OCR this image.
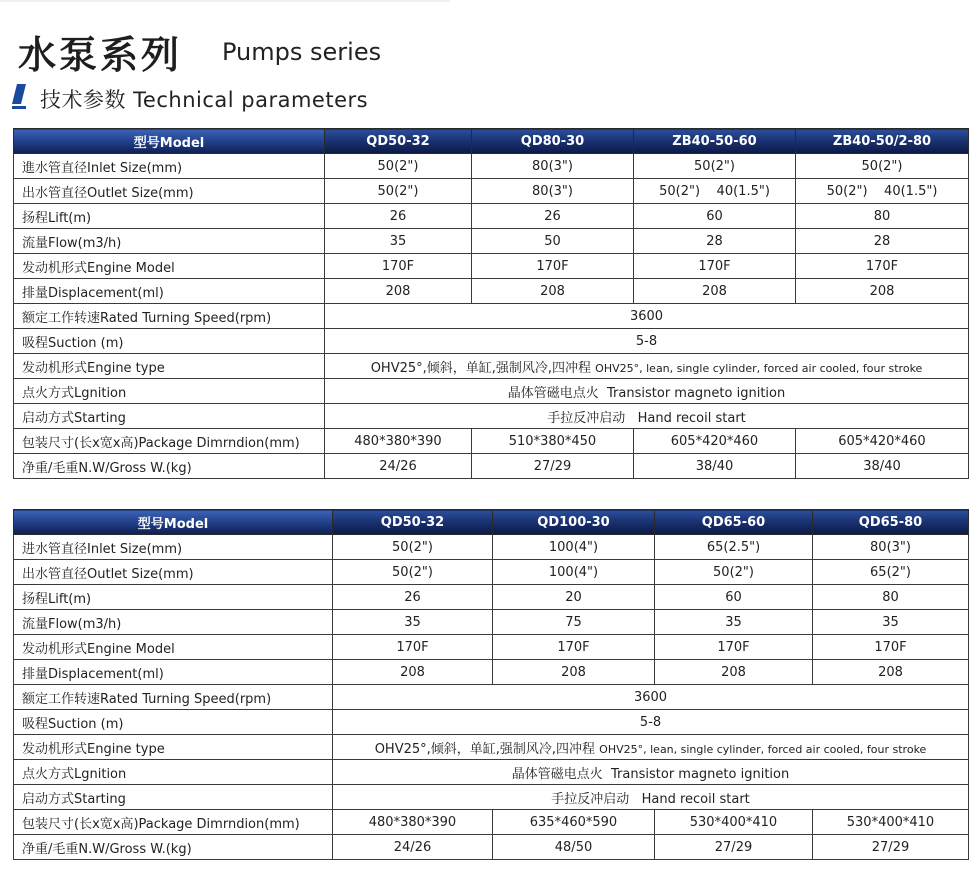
水泵系列 Pumps series
技术参数 Technical parameters
型号Model	QD50-32	QD80-30	ZB40-50-60	ZB40-50/2-80
進水管直径Inlet Size(mm)	50(2")	80(3")	50(2")	50(2")
出水管直径Outlet Size(mm)	50(2")	80(3")	50(2")    40(1.5")	50(2")    40(1.5")
扬程Lift(m)	26	26	60	80
流量Flow(m3/h)	35	50	28	28
发动机形式Engine Model	170F	170F	170F	170F
排量Displacement(ml)	208	208	208	208
额定工作转速Rated Turning Speed(rpm)	3600			
吸程Suction (m)	5-8			
发动机形式Engine type	OHV25°,倾斜，单缸,强制风冷,四冲程 OHV25°, lean, single cylinder, forced air cooled, four stroke			
点火方式Lgnition	晶体管磁电点火  Transistor magneto ignition			
启动方式Starting	手拉反冲启动   Hand recoil start			
包装尺寸(长x宽x高)Package Dimrndion(mm)	480*380*390	510*380*450	605*420*460	605*420*460
净重/毛重N.W/Gross W.(kg)	24/26	27/29	38/40	38/40
型号Model	QD50-32	QD100-30	QD65-60	QD65-80
进水管直径Inlet Size(mm)	50(2")	100(4")	65(2.5")	80(3")
出水管直径Outlet Size(mm)	50(2")	100(4")	50(2")	65(2")
扬程Lift(m)	26	20	60	80
流量Flow(m3/h)	35	75	35	35
发动机形式Engine Model	170F	170F	170F	170F
排量Displacement(ml)	208	208	208	208
额定工作转速Rated Turning Speed(rpm)	3600			
吸程Suction (m)	5-8			
发动机形式Engine type	OHV25°,倾斜，单缸,强制风冷,四冲程 OHV25°, lean, single cylinder, forced air cooled, four stroke			
点火方式Lgnition	晶体管磁电点火  Transistor magneto ignition			
启动方式Starting	手拉反冲启动   Hand recoil start			
包装尺寸(长x宽x高)Package Dimrndion(mm)	480*380*390	635*460*590	530*400*410	530*400*410
净重/毛重N.W/Gross W.(kg)	24/26	48/50	27/29	27/29
